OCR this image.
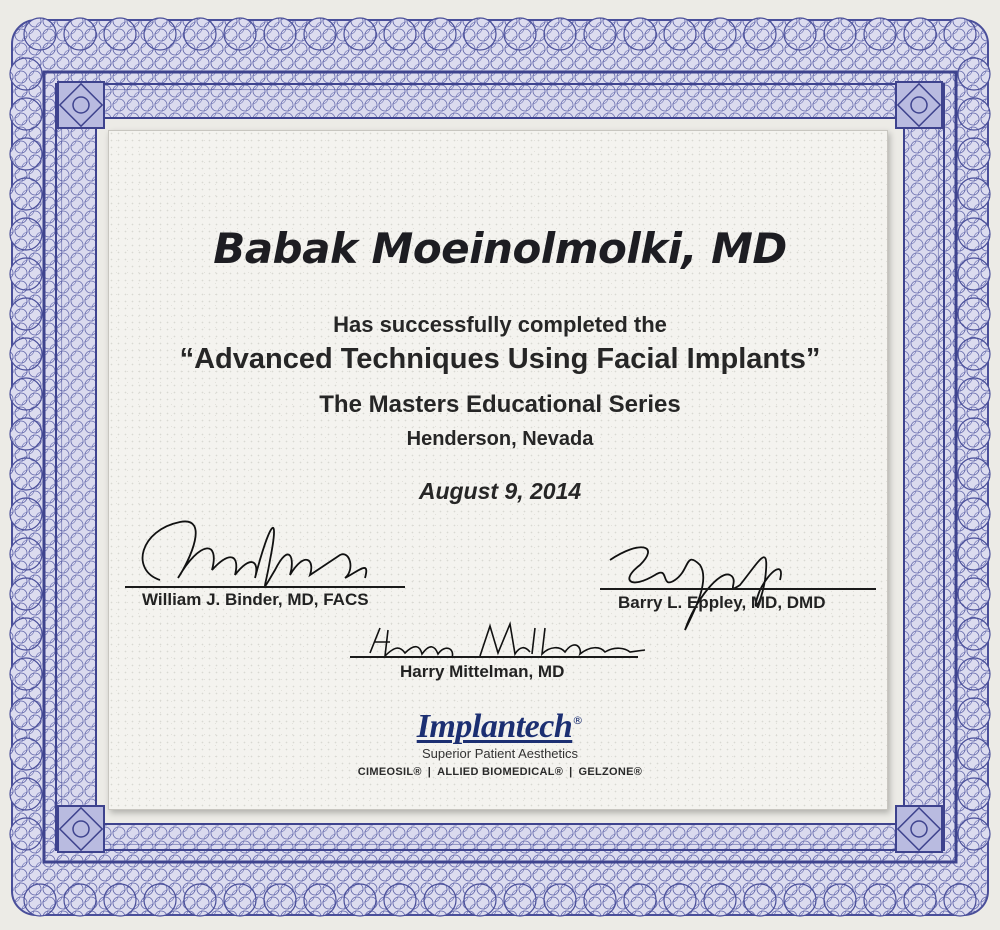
Babak Moeinolmolki, MD
Has successfully completed the
“Advanced Techniques Using Facial Implants”
The Masters Educational Series
Henderson, Nevada
August 9, 2014
William J. Binder, MD, FACS	Barry L. Eppley, MD, DMD
Harry Mittelman, MD
Implantech®
Superior Patient Aesthetics
CIMEOSIL® | ALLIED BIOMEDICAL® | GELZONE®
